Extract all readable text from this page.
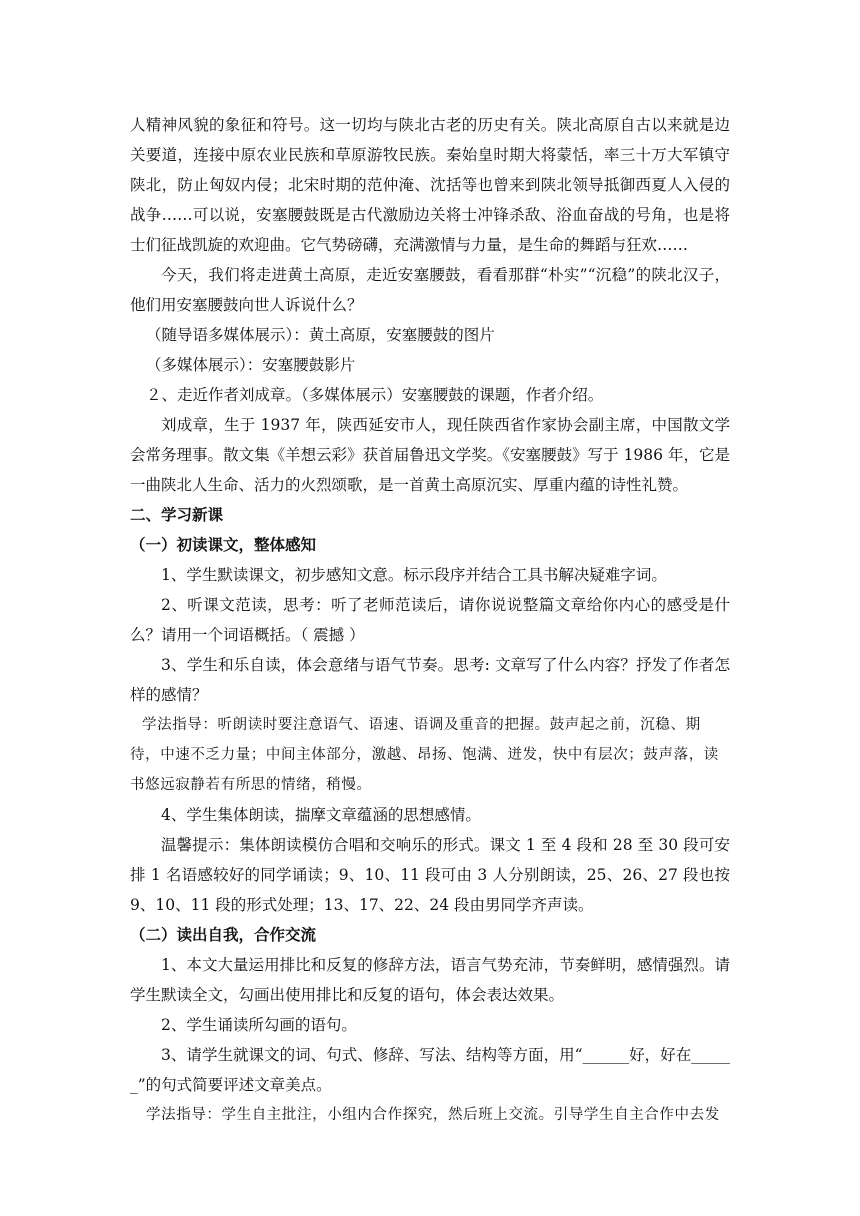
人精神风貌的象征和符号。这一切均与陕北古老的历史有关。陕北高原自古以来就是边关要道，连接中原农业民族和草原游牧民族。秦始皇时期大将蒙恬，率三十万大军镇守陕北，防止匈奴内侵；北宋时期的范仲淹、沈括等也曾来到陕北领导抵御西夏人入侵的战争……可以说，安塞腰鼓既是古代激励边关将士冲锋杀敌、浴血奋战的号角，也是将士们征战凯旋的欢迎曲。它气势磅礴，充满激情与力量，是生命的舞蹈与狂欢……

今天，我们将走进黄土高原，走近安塞腰鼓，看看那群“朴实”“沉稳”的陕北汉子，他们用安塞腰鼓向世人诉说什么？

（随导语多媒体展示）：黄土高原，安塞腰鼓的图片

（多媒体展示）：安塞腰鼓影片

２、走近作者刘成章。（多媒体展示）安塞腰鼓的课题，作者介绍。

刘成章，生于 1937 年，陕西延安市人，现任陕西省作家协会副主席，中国散文学会常务理事。散文集《羊想云彩》获首届鲁迅文学奖。《安塞腰鼓》写于 1986 年，它是一曲陕北人生命、活力的火烈颂歌，是一首黄土高原沉实、厚重内蕴的诗性礼赞。

二、学习新课

（一）初读课文，整体感知

1、学生默读课文，初步感知文意。标示段序并结合工具书解决疑难字词。

2、听课文范读，思考：听了老师范读后，请你说说整篇文章给你内心的感受是什么？请用一个词语概括。（ 震撼 ）

3、学生和乐自读，体会意绪与语气节奏。思考: 文章写了什么内容？抒发了作者怎样的感情？

学法指导：听朗读时要注意语气、语速、语调及重音的把握。鼓声起之前，沉稳、期待，中速不乏力量；中间主体部分，激越、昂扬、饱满、迸发，快中有层次；鼓声落，读书悠远寂静若有所思的情绪，稍慢。

4、学生集体朗读，揣摩文章蕴涵的思想感情。

温馨提示：集体朗读模仿合唱和交响乐的形式。课文 1 至 4 段和 28 至 30 段可安排 1 名语感较好的同学诵读；9、10、11 段可由 3 人分别朗读，25、26、27 段也按 9、10、11 段的形式处理；13、17、22、24 段由男同学齐声读。

（二）读出自我，合作交流

1、本文大量运用排比和反复的修辞方法，语言气势充沛，节奏鲜明，感情强烈。请学生默读全文，勾画出使用排比和反复的语句，体会表达效果。

2、学生诵读所勾画的语句。

3、请学生就课文的词、句式、修辞、写法、结构等方面，用“______好，好在______”的句式简要评述文章美点。

学法指导：学生自主批注，小组内合作探究，然后班上交流。引导学生自主合作中去发
